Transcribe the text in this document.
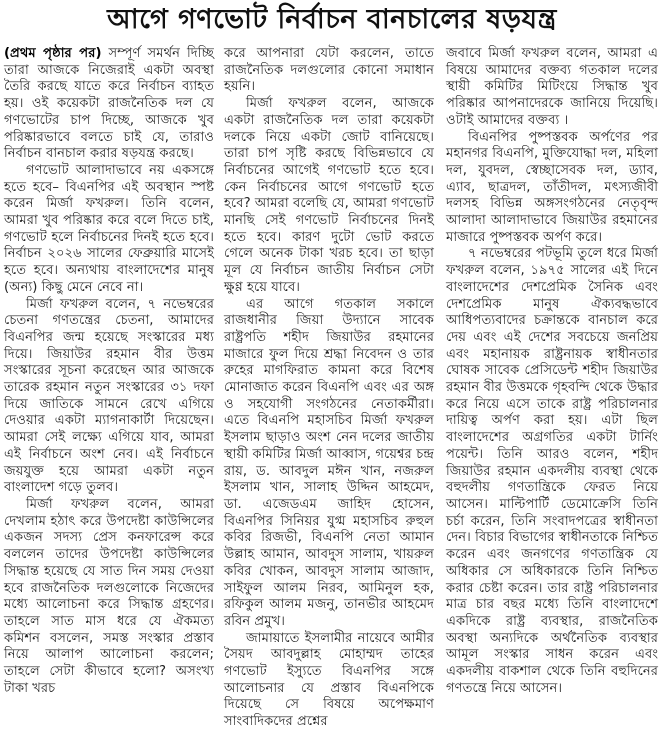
আগে গণভোট নির্বাচন বানচালের ষড়যন্ত্র

(প্রথম পৃষ্ঠার পর) সম্পূর্ণ সমর্থন দিচ্ছি তারা আজকে নিজেরাই একটা অবস্থা তৈরি করছে যাতে করে নির্বাচন ব্যাহত হয়। ওই কয়েকটা রাজনৈতিক দল যে গণভোটের চাপ দিচ্ছে, আজকে খুব পরিষ্কারভাবে বলতে চাই যে, তারাও নির্বাচন বানচাল করার ষড়যন্ত্র করছে।

গণভোট আলাদাভাবে নয় একসঙ্গে হতে হবে– বিএনপির এই অবস্থান স্পষ্ট করেন মির্জা ফখরুল। তিনি বলেন, আমরা খুব পরিষ্কার করে বলে দিতে চাই, গণভোট হলে নির্বাচনের দিনই হতে হবে। নির্বাচন ২০২৬ সালের ফেব্রুয়ারি মাসেই হতে হবে। অন্যথায় বাংলাদেশের মানুষ (অন্য) কিছু মেনে নেবে না।

মির্জা ফখরুল বলেন, ৭ নভেম্বরের চেতনা গণতন্ত্রের চেতনা, আমাদের বিএনপির জন্ম হয়েছে সংস্কারের মধ্য দিয়ে। জিয়াউর রহমান বীর উত্তম সংস্কারের সূচনা করেছেন আর আজকে তারেক রহমান নতুন সংস্কারের ৩১ দফা দিয়ে জাতিকে সামনে রেখে এগিয়ে দেওয়ার একটা ম্যাগনাকার্টা দিয়েছেন। আমরা সেই লক্ষ্যে এগিয়ে যাব, আমরা এই নির্বাচনে অংশ নেব। এই নির্বাচনে জয়যুক্ত হয়ে আমরা একটা নতুন বাংলাদেশ গড়ে তুলব।

মির্জা ফখরুল বলেন, আমরা দেখলাম হঠাৎ করে উপদেষ্টা কাউন্সিলের একজন সদস্য প্রেস কনফারেন্স করে বললেন তাদের উপদেষ্টা কাউন্সিলের সিদ্ধান্ত হয়েছে যে সাত দিন সময় দেওয়া হবে রাজনৈতিক দলগুলোকে নিজেদের মধ্যে আলোচনা করে সিদ্ধান্ত গ্রহণের। তাহলে সাত মাস ধরে যে ঐকমত্য কমিশন বসলেন, সমস্ত সংস্কার প্রস্তাব নিয়ে আলাপ আলোচনা করলেন; তাহলে সেটা কীভাবে হলো? অসংখ্য টাকা খরচ

করে আপনারা যেটা করলেন, তাতে রাজনৈতিক দলগুলোর কোনো সমাধান হয়নি।

মির্জা ফখরুল বলেন, আজকে একটা রাজনৈতিক দল তারা কয়েকটা দলকে নিয়ে একটা জোট বানিয়েছে। তারা চাপ সৃষ্টি করছে বিভিন্নভাবে যে নির্বাচনের আগেই গণভোট হতে হবে। কেন নির্বাচনের আগে গণভোট হতে হবে? আমরা বলেছি যে, আমরা গণভোট মানছি সেই গণভোট নির্বাচনের দিনই হতে হবে। কারণ দুটো ভোট করতে গেলে অনেক টাকা খরচ হবে। তা ছাড়া মূল যে নির্বাচন জাতীয় নির্বাচন সেটা ক্ষুণ্ণ হয়ে যাবে।

এর আগে গতকাল সকালে রাজধানীর জিয়া উদ্যানে সাবেক রাষ্ট্রপতি শহীদ জিয়াউর রহমানের মাজারে ফুল দিয়ে শ্রদ্ধা নিবেদন ও তার রুহের মাগফিরাত কামনা করে বিশেষ মোনাজাত করেন বিএনপি এবং এর অঙ্গ ও সহযোগী সংগঠনের নেতাকর্মীরা। এতে বিএনপি মহাসচিব মির্জা ফখরুল ইসলাম ছাড়াও অংশ নেন দলের জাতীয় স্থায়ী কমিটির মির্জা আব্বাস, গয়েশ্বর চন্দ্র রায়, ড. আবদুল মঈন খান, নজরুল ইসলাম খান, সালাহ উদ্দিন আহমেদ, ডা. এজেডএম জাহিদ হোসেন, বিএনপির সিনিয়র যুগ্ম মহাসচিব রুহুল কবির রিজভী, বিএনপি নেতা আমান উল্লাহ আমান, আবদুস সালাম, খায়রুল কবির খোকন, আবদুস সালাম আজাদ, সাইফুল আলম নিরব, আমিনুল হক, রফিকুল আলম মজনু, তানভীর আহমেদ রবিন প্রমুখ।

জামায়াতে ইসলামীর নায়েবে আমীর সৈয়দ আবদুল্লাহ মোহাম্মদ তাহের গণভোট ইস্যুতে বিএনপির সঙ্গে আলোচনার যে প্রস্তাব বিএনপিকে দিয়েছে সে বিষয়ে অপেক্ষমাণ সাংবাদিকদের প্রশ্নের

জবাবে মির্জা ফখরুল বলেন, আমরা এ বিষয়ে আমাদের বক্তব্য গতকাল দলের স্থায়ী কমিটির মিটিংয়ে সিদ্ধান্ত খুব পরিষ্কার আপনাদেরকে জানিয়ে দিয়েছি। ওটাই আমাদের বক্তব্য ।

বিএনপির পুষ্পস্তবক অর্পণের পর মহানগর বিএনপি, মুক্তিযোদ্ধা দল, মহিলা দল, যুবদল, স্বেচ্ছাসেবক দল, ড্যাব, এ্যাব, ছাত্রদল, তাঁতীদল, মৎস্যজীবী দলসহ বিভিন্ন অঙ্গসংগঠনের নেতৃবৃন্দ আলাদা আলাদাভাবে জিয়াউর রহমানের মাজারে পুষ্পস্তবক অর্পণ করে।

৭ নভেম্বরের পটভূমি তুলে ধরে মির্জা ফখরুল বলেন, ১৯৭৫ সালের এই দিনে বাংলাদেশের দেশপ্রেমিক সৈনিক এবং দেশপ্রেমিক মানুষ ঐক্যবদ্ধভাবে আধিপত্যবাদের চক্রান্তকে বানচাল করে দেয় এবং এই দেশের সবচেয়ে জনপ্রিয় এবং মহানায়ক রাষ্ট্রনায়ক স্বাধীনতার ঘোষক সাবেক প্রেসিডেন্ট শহীদ জিয়াউর রহমান বীর উত্তমকে গৃহবন্দি থেকে উদ্ধার করে নিয়ে এসে তাকে রাষ্ট্র পরিচালনার দায়িত্ব অর্পণ করা হয়। এটা ছিল বাংলাদেশের অগ্রগতির একটা টার্নিং পয়েন্ট। তিনি আরও বলেন, শহীদ জিয়াউর রহমান একদলীয় ব্যবস্থা থেকে বহুদলীয় গণতান্ত্রিকে ফেরত নিয়ে আসেন। মাল্টিপার্টি ডেমোক্রেসি তিনি চর্চা করেন, তিনি সংবাদপত্রের স্বাধীনতা দেন। বিচার বিভাগের স্বাধীনতাকে নিশ্চিত করেন এবং জনগণের গণতান্ত্রিক যে অধিকার সে অধিকারকে তিনি নিশ্চিত করার চেষ্টা করেন। তার রাষ্ট্র পরিচালনার মাত্র চার বছর মধ্যে তিনি বাংলাদেশে একদিকে রাষ্ট্র ব্যবস্থার, রাজনৈতিক অবস্থা অন্যদিকে অর্থনৈতিক ব্যবস্থার আমূল সংস্কার সাধন করেন এবং একদলীয় বাকশাল থেকে তিনি বহুদিনের গণতন্ত্রে নিয়ে আসেন।
